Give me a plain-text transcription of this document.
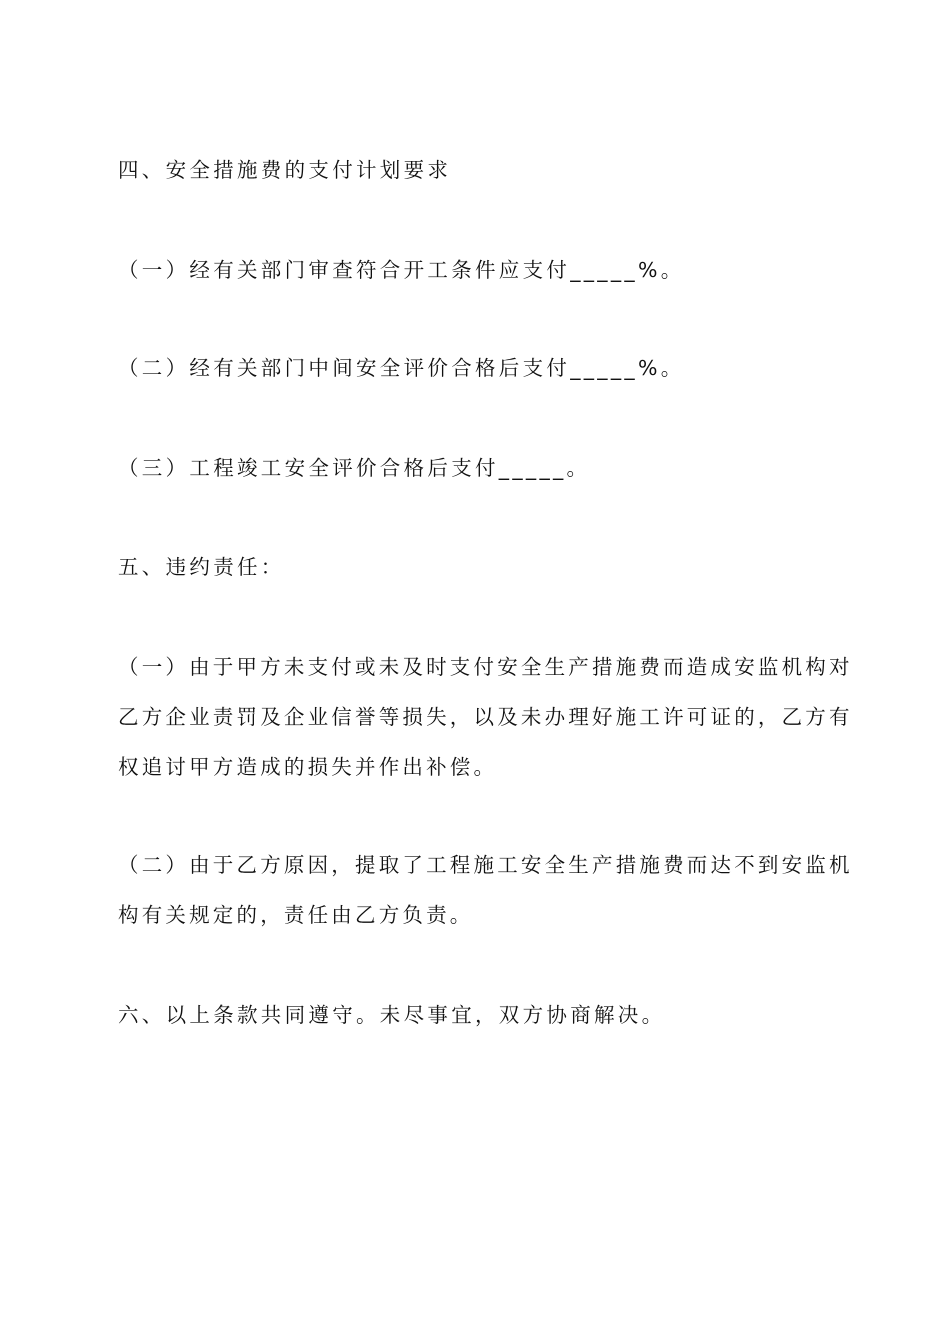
四、安全措施费的支付计划要求
（一）经有关部门审查符合开工条件应支付_____%。
（二）经有关部门中间安全评价合格后支付_____%。
（三）工程竣工安全评价合格后支付_____。
五、违约责任：
（一）由于甲方未支付或未及时支付安全生产措施费而造成安监机构对
乙方企业责罚及企业信誉等损失，以及未办理好施工许可证的，乙方有
权追讨甲方造成的损失并作出补偿。
（二）由于乙方原因，提取了工程施工安全生产措施费而达不到安监机
构有关规定的，责任由乙方负责。
六、以上条款共同遵守。未尽事宜，双方协商解决。
